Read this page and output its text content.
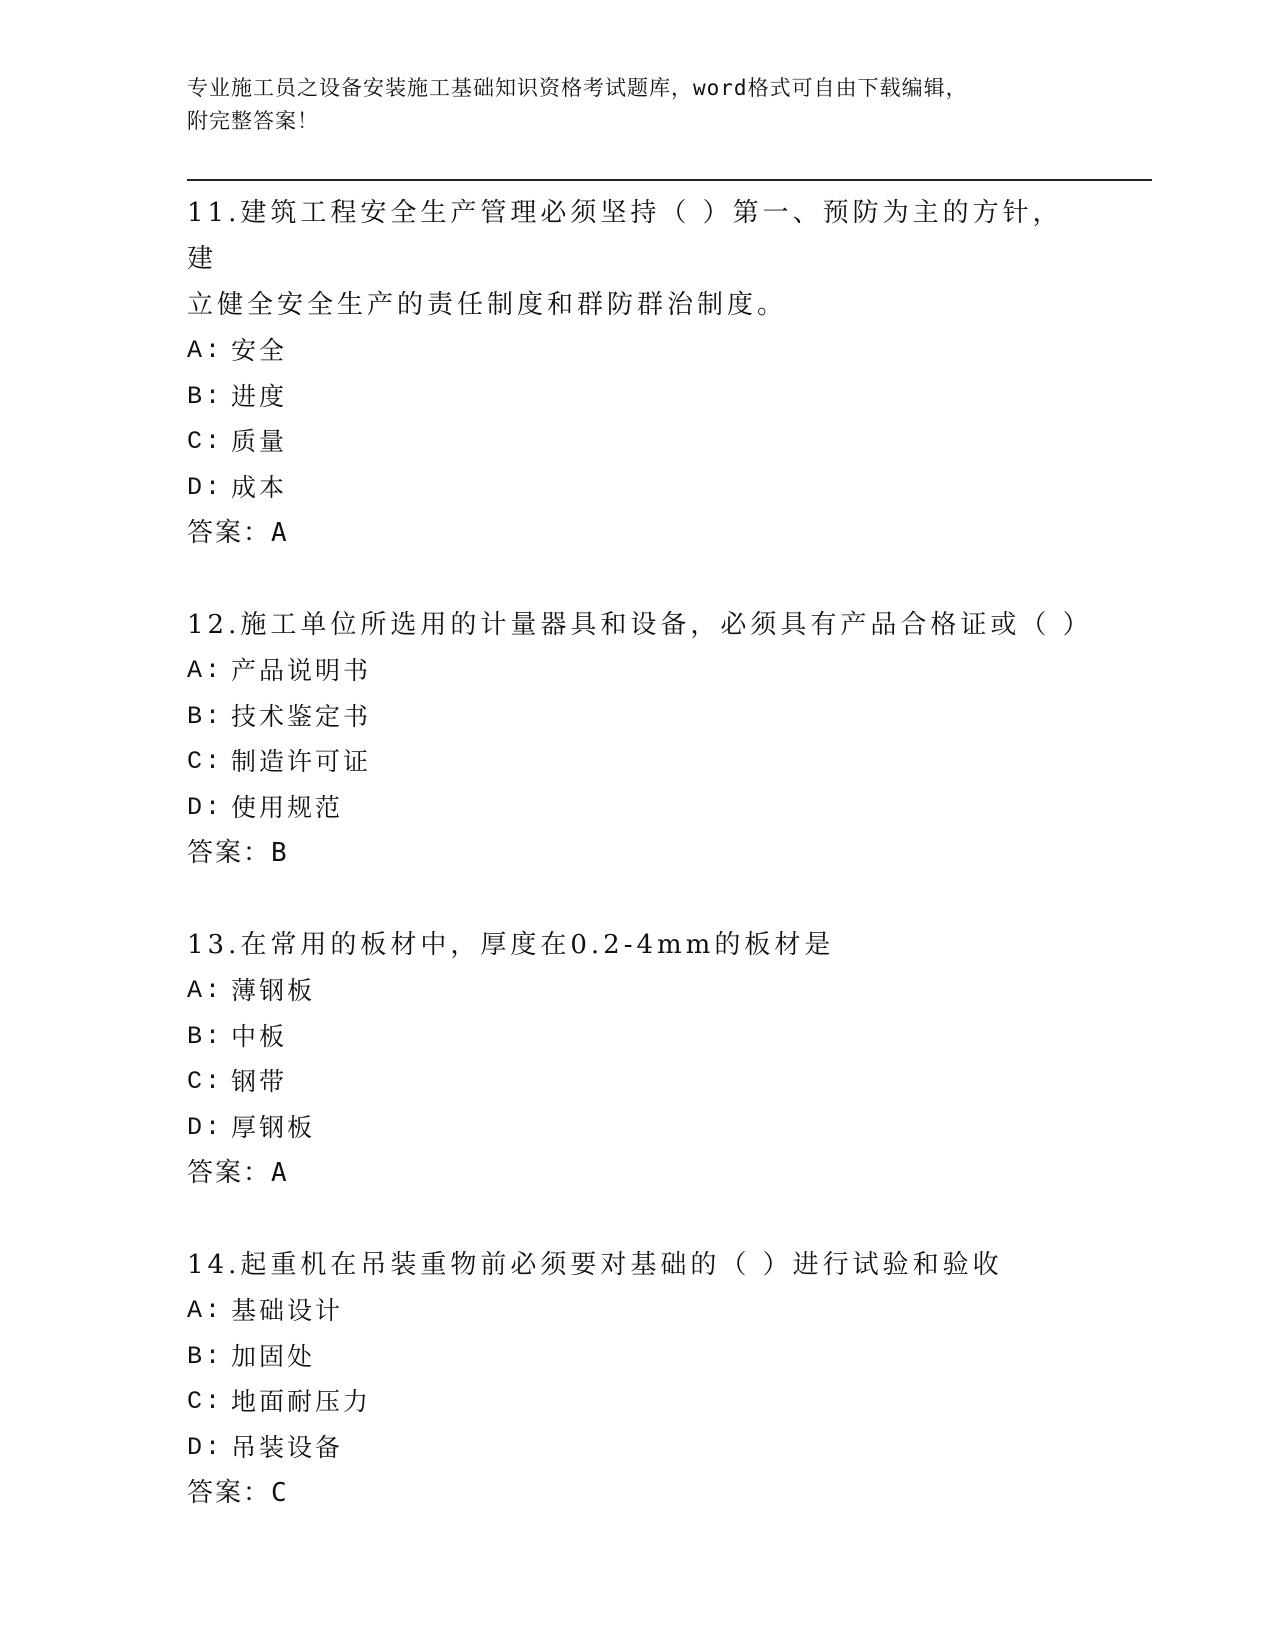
专业施工员之设备安装施工基础知识资格考试题库，word格式可自由下载编辑，
附完整答案！
11.建筑工程安全生产管理必须坚持（ ）第一、预防为主的方针，建
立健全安全生产的责任制度和群防群治制度。
A: 安全
B: 进度
C: 质量
D: 成本
答案：A
12.施工单位所选用的计量器具和设备，必须具有产品合格证或（ ）
A: 产品说明书
B: 技术鉴定书
C: 制造许可证
D: 使用规范
答案：B
13.在常用的板材中，厚度在0.2-4mm的板材是
A: 薄钢板
B: 中板
C: 钢带
D: 厚钢板
答案：A
14.起重机在吊装重物前必须要对基础的（ ）进行试验和验收
A: 基础设计
B: 加固处
C: 地面耐压力
D: 吊装设备
答案：C
